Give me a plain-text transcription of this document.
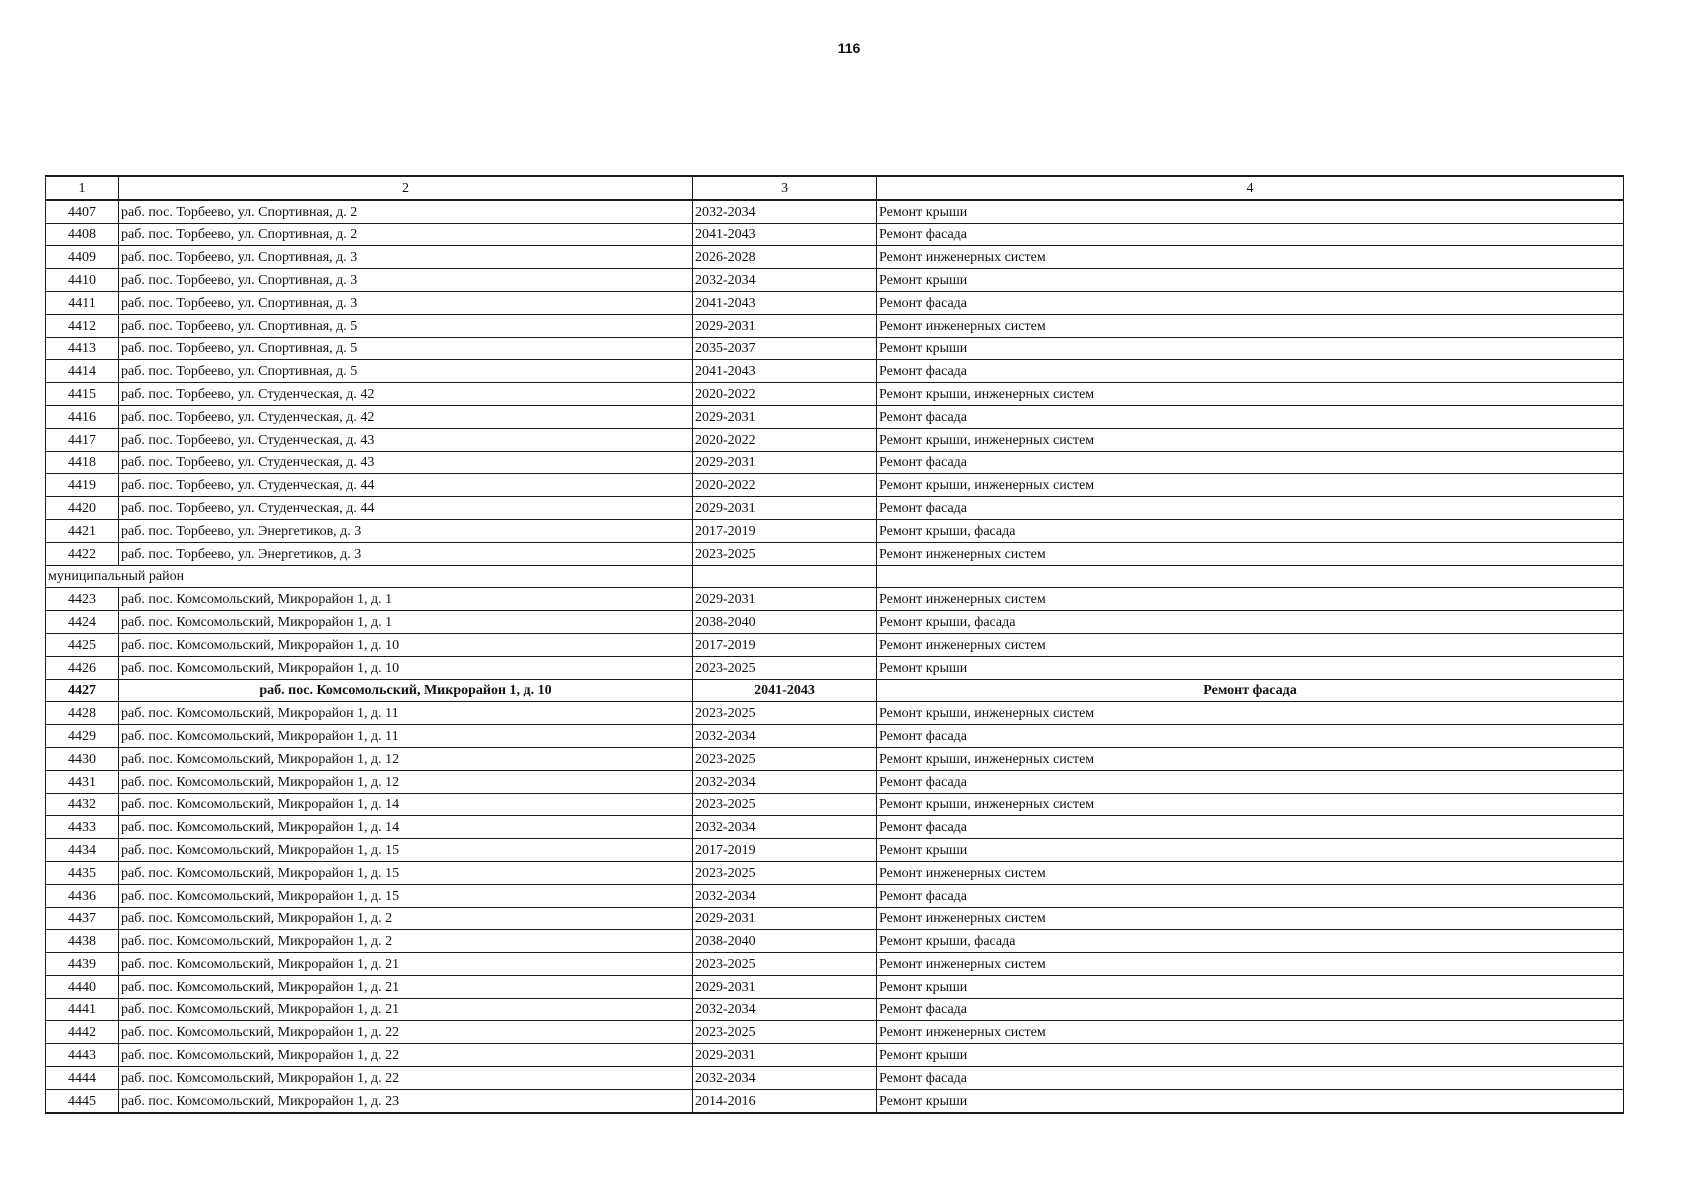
116
1	2	3	4
4407	раб. пос. Торбеево, ул. Спортивная, д. 2	2032-2034	Ремонт крыши
4408	раб. пос. Торбеево, ул. Спортивная, д. 2	2041-2043	Ремонт фасада
4409	раб. пос. Торбеево, ул. Спортивная, д. 3	2026-2028	Ремонт инженерных систем
4410	раб. пос. Торбеево, ул. Спортивная, д. 3	2032-2034	Ремонт крыши
4411	раб. пос. Торбеево, ул. Спортивная, д. 3	2041-2043	Ремонт фасада
4412	раб. пос. Торбеево, ул. Спортивная, д. 5	2029-2031	Ремонт инженерных систем
4413	раб. пос. Торбеево, ул. Спортивная, д. 5	2035-2037	Ремонт крыши
4414	раб. пос. Торбеево, ул. Спортивная, д. 5	2041-2043	Ремонт фасада
4415	раб. пос. Торбеево, ул. Студенческая, д. 42	2020-2022	Ремонт крыши, инженерных систем
4416	раб. пос. Торбеево, ул. Студенческая, д. 42	2029-2031	Ремонт фасада
4417	раб. пос. Торбеево, ул. Студенческая, д. 43	2020-2022	Ремонт крыши, инженерных систем
4418	раб. пос. Торбеево, ул. Студенческая, д. 43	2029-2031	Ремонт фасада
4419	раб. пос. Торбеево, ул. Студенческая, д. 44	2020-2022	Ремонт крыши, инженерных систем
4420	раб. пос. Торбеево, ул. Студенческая, д. 44	2029-2031	Ремонт фасада
4421	раб. пос. Торбеево, ул. Энергетиков, д. 3	2017-2019	Ремонт крыши, фасада
4422	раб. пос. Торбеево, ул. Энергетиков, д. 3	2023-2025	Ремонт инженерных систем
муниципальный район			
4423	раб. пос. Комсомольский, Микрорайон 1, д. 1	2029-2031	Ремонт инженерных систем
4424	раб. пос. Комсомольский, Микрорайон 1, д. 1	2038-2040	Ремонт крыши, фасада
4425	раб. пос. Комсомольский, Микрорайон 1, д. 10	2017-2019	Ремонт инженерных систем
4426	раб. пос. Комсомольский, Микрорайон 1, д. 10	2023-2025	Ремонт крыши
4427	раб. пос. Комсомольский, Микрорайон 1, д. 10	2041-2043	Ремонт фасада
4428	раб. пос. Комсомольский, Микрорайон 1, д. 11	2023-2025	Ремонт крыши, инженерных систем
4429	раб. пос. Комсомольский, Микрорайон 1, д. 11	2032-2034	Ремонт фасада
4430	раб. пос. Комсомольский, Микрорайон 1, д. 12	2023-2025	Ремонт крыши, инженерных систем
4431	раб. пос. Комсомольский, Микрорайон 1, д. 12	2032-2034	Ремонт фасада
4432	раб. пос. Комсомольский, Микрорайон 1, д. 14	2023-2025	Ремонт крыши, инженерных систем
4433	раб. пос. Комсомольский, Микрорайон 1, д. 14	2032-2034	Ремонт фасада
4434	раб. пос. Комсомольский, Микрорайон 1, д. 15	2017-2019	Ремонт крыши
4435	раб. пос. Комсомольский, Микрорайон 1, д. 15	2023-2025	Ремонт инженерных систем
4436	раб. пос. Комсомольский, Микрорайон 1, д. 15	2032-2034	Ремонт фасада
4437	раб. пос. Комсомольский, Микрорайон 1, д. 2	2029-2031	Ремонт инженерных систем
4438	раб. пос. Комсомольский, Микрорайон 1, д. 2	2038-2040	Ремонт крыши, фасада
4439	раб. пос. Комсомольский, Микрорайон 1, д. 21	2023-2025	Ремонт инженерных систем
4440	раб. пос. Комсомольский, Микрорайон 1, д. 21	2029-2031	Ремонт крыши
4441	раб. пос. Комсомольский, Микрорайон 1, д. 21	2032-2034	Ремонт фасада
4442	раб. пос. Комсомольский, Микрорайон 1, д. 22	2023-2025	Ремонт инженерных систем
4443	раб. пос. Комсомольский, Микрорайон 1, д. 22	2029-2031	Ремонт крыши
4444	раб. пос. Комсомольский, Микрорайон 1, д. 22	2032-2034	Ремонт фасада
4445	раб. пос. Комсомольский, Микрорайон 1, д. 23	2014-2016	Ремонт крыши
